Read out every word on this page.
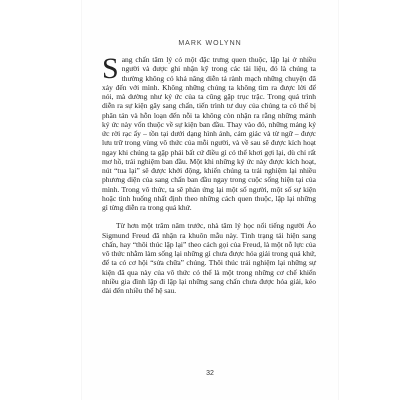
MARK WOLYNN

Sang chấn tâm lý có một đặc trưng quen thuộc, lặp lại ở nhiều người và được ghi nhận kỹ trong các tài liệu, đó là chúng ta thường không có khả năng diễn tả rành mạch những chuyện đã xảy đến với mình. Không những chúng ta không tìm ra được lời để nói, mà dường như ký ức của ta cũng gặp trục trặc. Trong quá trình diễn ra sự kiện gây sang chấn, tiến trình tư duy của chúng ta có thể bị phân tán và hỗn loạn đến nỗi ta không còn nhận ra rằng những mảnh ký ức này vốn thuộc về sự kiện ban đầu. Thay vào đó, những mảng ký ức rời rạc ấy – tồn tại dưới dạng hình ảnh, cảm giác và từ ngữ – được lưu trữ trong vùng vô thức của mỗi người, và về sau sẽ được kích hoạt ngay khi chúng ta gặp phải bất cứ điều gì có thể khơi gợi lại, dù chỉ rất mơ hồ, trải nghiệm ban đầu. Một khi những ký ức này được kích hoạt, nút “tua lại” sẽ được khởi động, khiến chúng ta trải nghiệm lại nhiều phương diện của sang chấn ban đầu ngay trong cuộc sống hiện tại của mình. Trong vô thức, ta sẽ phản ứng lại một số người, một số sự kiện hoặc tình huống nhất định theo những cách quen thuộc, lặp lại những gì từng diễn ra trong quá khứ.

Từ hơn một trăm năm trước, nhà tâm lý học nổi tiếng người Áo Sigmund Freud đã nhận ra khuôn mẫu này. Tình trạng tái hiện sang chấn, hay “thôi thúc lặp lại” theo cách gọi của Freud, là một nỗ lực của vô thức nhằm làm sống lại những gì chưa được hóa giải trong quá khứ, để ta có cơ hội “sửa chữa” chúng. Thôi thúc trải nghiệm lại những sự kiện đã qua này của vô thức có thể là một trong những cơ chế khiến nhiều gia đình lặp đi lặp lại những sang chấn chưa được hóa giải, kéo dài đến nhiều thế hệ sau.

32
